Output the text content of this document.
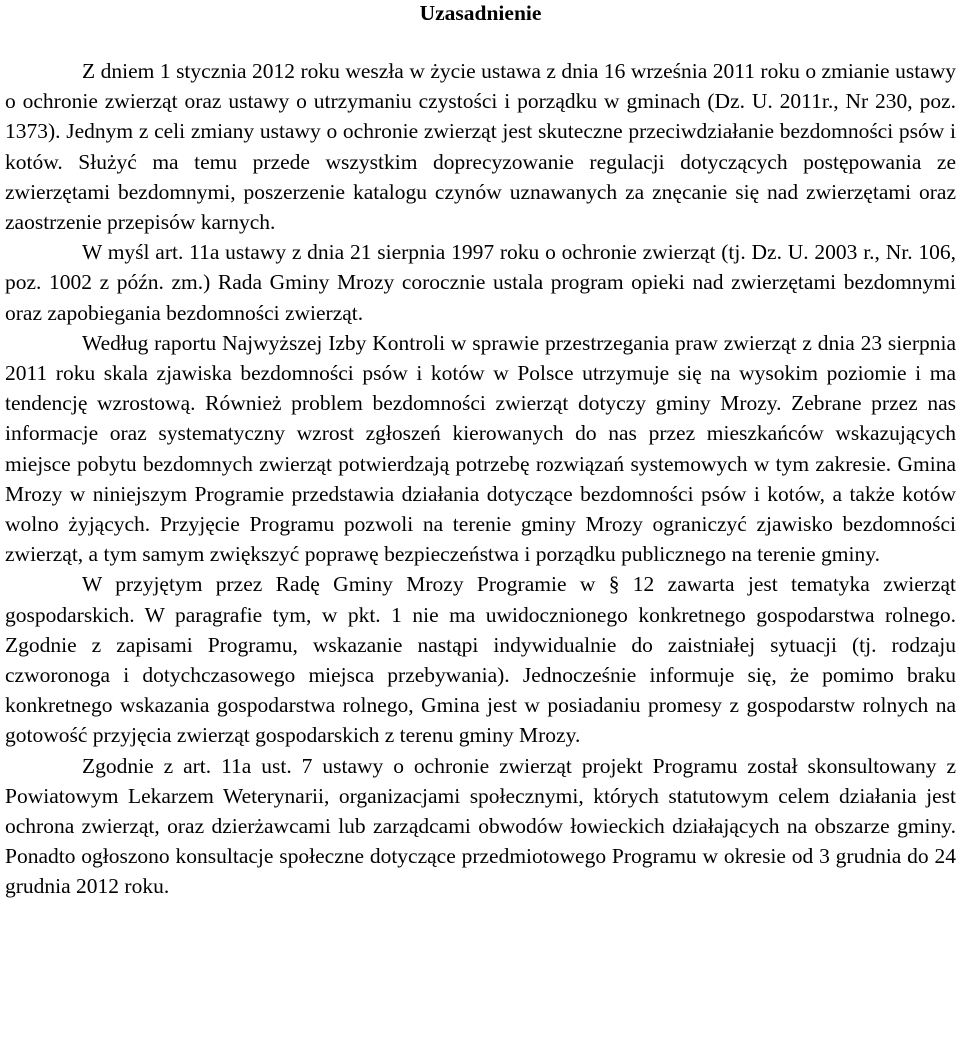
Uzasadnienie

Z dniem 1 stycznia 2012 roku weszła w życie ustawa z dnia 16 września 2011 roku o zmianie ustawy o ochronie zwierząt oraz ustawy o utrzymaniu czystości i porządku w gminach (Dz. U. 2011r., Nr 230, poz. 1373). Jednym z celi zmiany ustawy o ochronie zwierząt jest skuteczne przeciwdziałanie bezdomności psów i kotów. Służyć ma temu przede wszystkim doprecyzowanie regulacji dotyczących postępowania ze zwierzętami bezdomnymi, poszerzenie katalogu czynów uznawanych za znęcanie się nad zwierzętami oraz zaostrzenie przepisów karnych.

W myśl art. 11a ustawy z dnia 21 sierpnia 1997 roku o ochronie zwierząt (tj. Dz. U. 2003 r., Nr. 106, poz. 1002 z późn. zm.) Rada Gminy Mrozy corocznie ustala program opieki nad zwierzętami bezdomnymi oraz zapobiegania bezdomności zwierząt.

Według raportu Najwyższej Izby Kontroli w sprawie przestrzegania praw zwierząt z dnia 23 sierpnia 2011 roku skala zjawiska bezdomności psów i kotów w Polsce utrzymuje się na wysokim poziomie i ma tendencję wzrostową. Również problem bezdomności zwierząt dotyczy gminy Mrozy. Zebrane przez nas informacje oraz systematyczny wzrost zgłoszeń kierowanych do nas przez mieszkańców wskazujących miejsce pobytu bezdomnych zwierząt potwierdzają potrzebę rozwiązań systemowych w tym zakresie. Gmina Mrozy w niniejszym Programie przedstawia działania dotyczące bezdomności psów i kotów, a także kotów wolno żyjących. Przyjęcie Programu pozwoli na terenie gminy Mrozy ograniczyć zjawisko bezdomności zwierząt, a tym samym zwiększyć poprawę bezpieczeństwa i porządku publicznego na terenie gminy.

W przyjętym przez Radę Gminy Mrozy Programie w § 12 zawarta jest tematyka zwierząt gospodarskich. W paragrafie tym, w pkt. 1 nie ma uwidocznionego konkretnego gospodarstwa rolnego. Zgodnie z zapisami Programu, wskazanie nastąpi indywidualnie do zaistniałej sytuacji (tj. rodzaju czworonoga i dotychczasowego miejsca przebywania). Jednocześnie informuje się, że pomimo braku konkretnego wskazania gospodarstwa rolnego, Gmina jest w posiadaniu promesy z gospodarstw rolnych na gotowość przyjęcia zwierząt gospodarskich z terenu gminy Mrozy.

Zgodnie z art. 11a ust. 7 ustawy o ochronie zwierząt projekt Programu został skonsultowany z Powiatowym Lekarzem Weterynarii, organizacjami społecznymi, których statutowym celem działania jest ochrona zwierząt, oraz dzierżawcami lub zarządcami obwodów łowieckich działających na obszarze gminy. Ponadto ogłoszono konsultacje społeczne dotyczące przedmiotowego Programu w okresie od 3 grudnia do 24 grudnia 2012 roku.
